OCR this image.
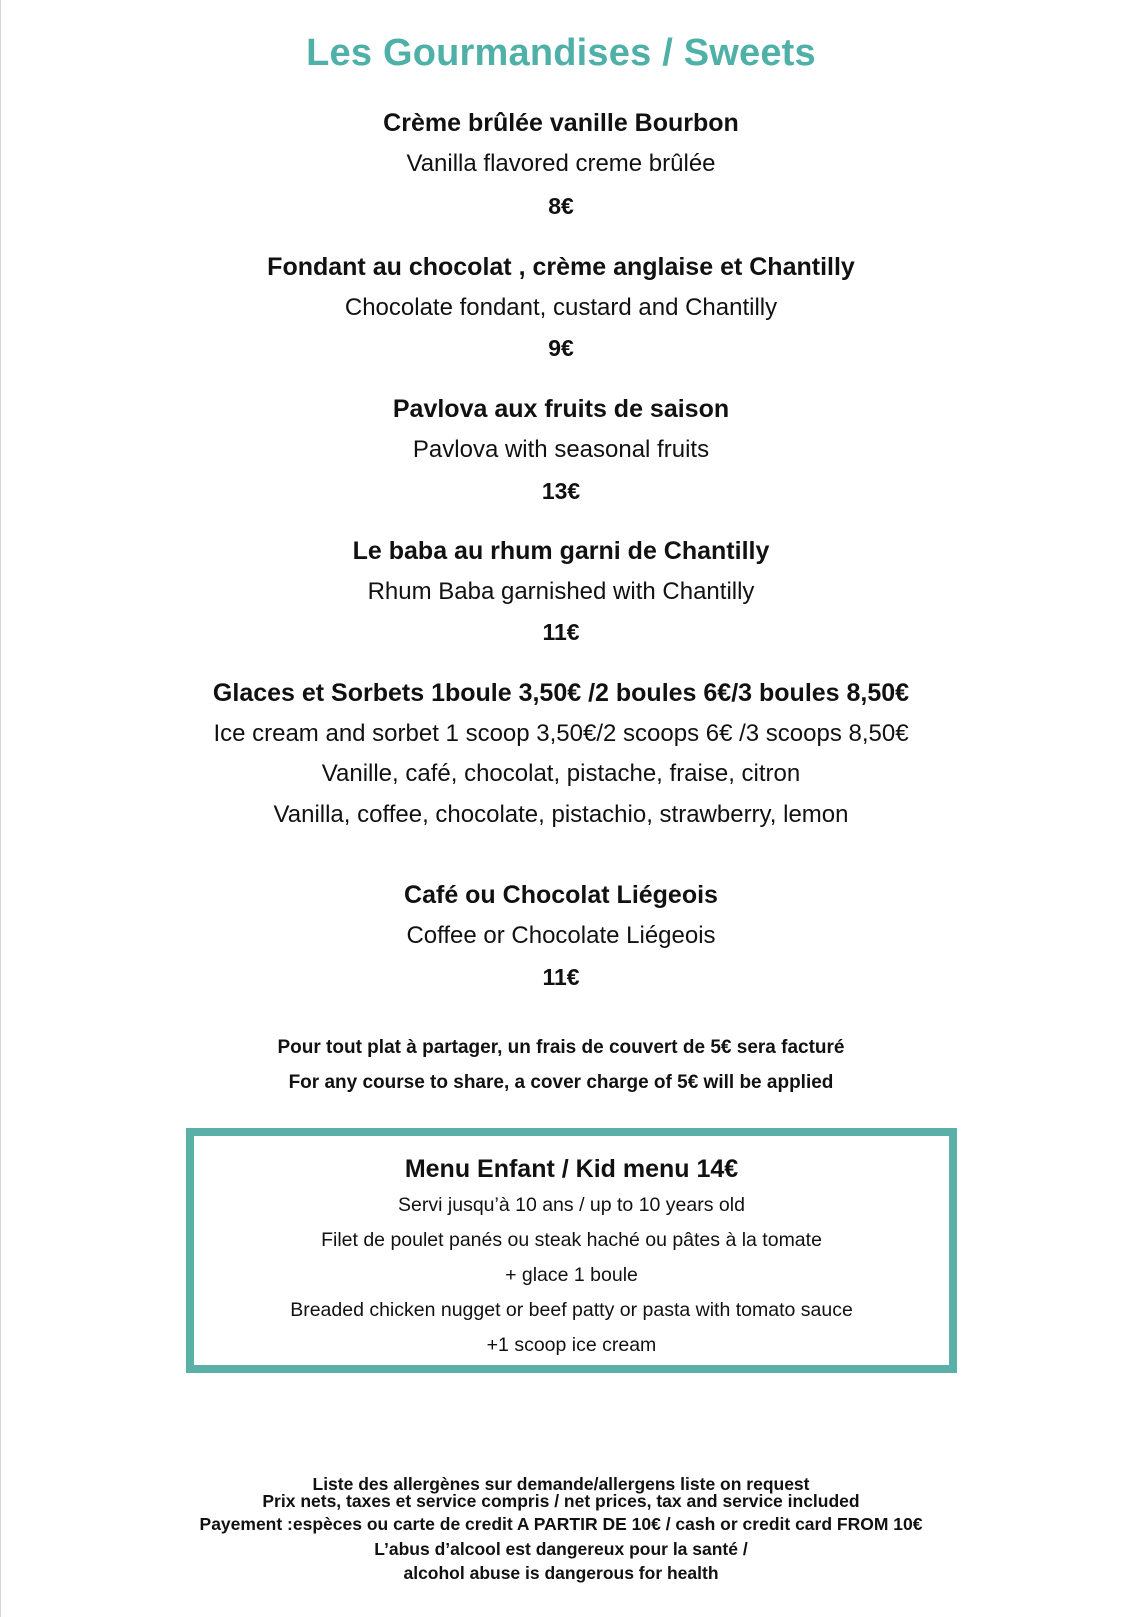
Les Gourmandises / Sweets
Crème brûlée vanille Bourbon
Vanilla flavored creme brûlée
8€
Fondant au chocolat , crème anglaise et Chantilly
Chocolate fondant, custard and Chantilly
9€
Pavlova aux fruits de saison
Pavlova with seasonal fruits
13€
Le baba au rhum garni de Chantilly
Rhum Baba garnished with Chantilly
11€
Glaces et Sorbets 1boule 3,50€ /2 boules 6€/3 boules 8,50€
Ice cream and sorbet 1 scoop 3,50€/2 scoops 6€ /3 scoops 8,50€
Vanille, café, chocolat, pistache, fraise, citron
Vanilla, coffee, chocolate, pistachio, strawberry, lemon
Café ou Chocolat Liégeois
Coffee or Chocolate Liégeois
11€
Pour tout plat à partager, un frais de couvert de 5€ sera facturé
For any course to share, a cover charge of 5€ will be applied
Menu Enfant / Kid menu 14€
Servi jusqu’à 10 ans / up to 10 years old
Filet de poulet panés ou steak haché ou pâtes à la tomate
+ glace 1 boule
Breaded chicken nugget or beef patty or pasta with tomato sauce
+1 scoop ice cream
Liste des allergènes sur demande/allergens liste on request
Prix nets, taxes et service compris / net prices, tax and service included
Payement :espèces ou carte de credit A PARTIR DE 10€ / cash or credit card FROM 10€
L’abus d’alcool est dangereux pour la santé /
alcohol abuse is dangerous for health
